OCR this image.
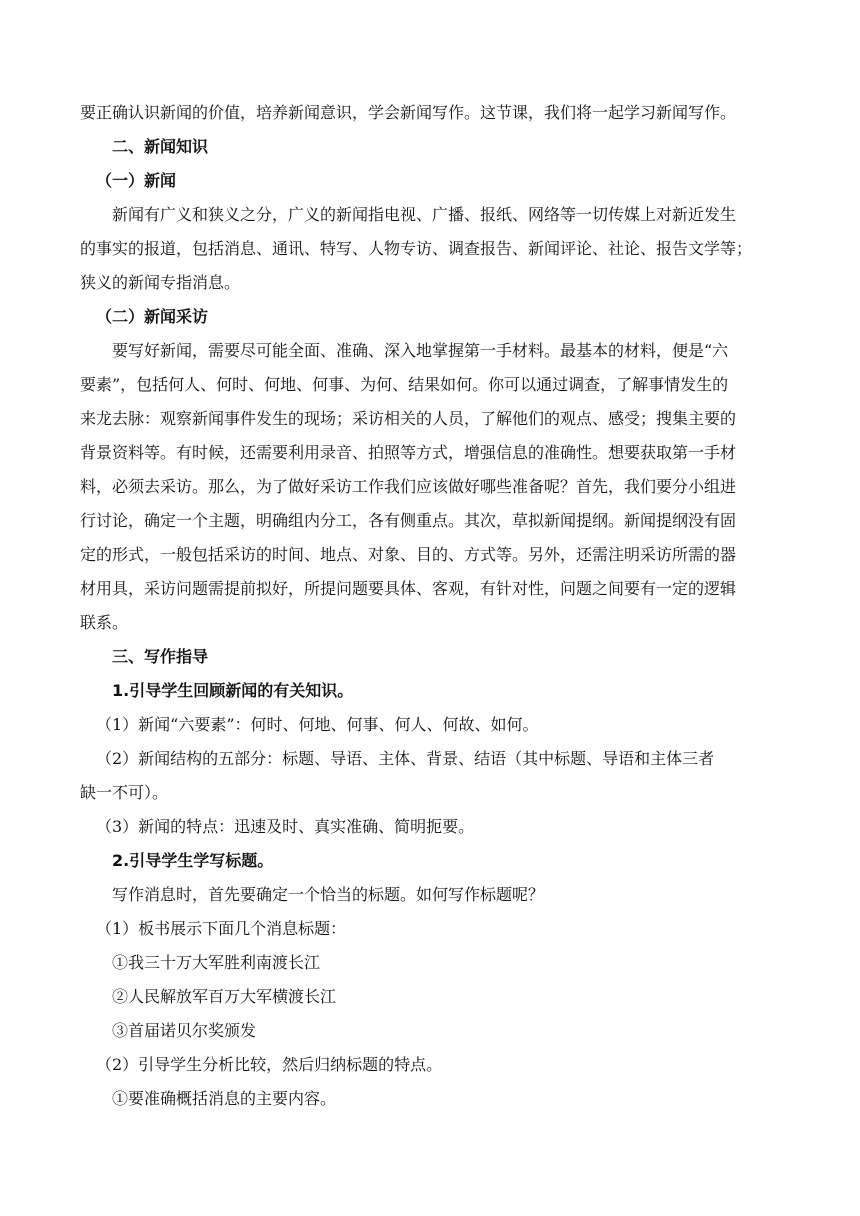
要正确认识新闻的价值，培养新闻意识，学会新闻写作。这节课，我们将一起学习新闻写作。
二、新闻知识
（一）新闻
新闻有广义和狭义之分，广义的新闻指电视、广播、报纸、网络等一切传媒上对新近发生
的事实的报道，包括消息、通讯、特写、人物专访、调查报告、新闻评论、社论、报告文学等；
狭义的新闻专指消息。
（二）新闻采访
要写好新闻，需要尽可能全面、准确、深入地掌握第一手材料。最基本的材料，便是“六
要素”，包括何人、何时、何地、何事、为何、结果如何。你可以通过调查，了解事情发生的
来龙去脉：观察新闻事件发生的现场；采访相关的人员，了解他们的观点、感受；搜集主要的
背景资料等。有时候，还需要利用录音、拍照等方式，增强信息的准确性。想要获取第一手材
料，必须去采访。那么，为了做好采访工作我们应该做好哪些准备呢？首先，我们要分小组进
行讨论，确定一个主题，明确组内分工，各有侧重点。其次，草拟新闻提纲。新闻提纲没有固
定的形式，一般包括采访的时间、地点、对象、目的、方式等。另外，还需注明采访所需的器
材用具，采访问题需提前拟好，所提问题要具体、客观，有针对性，问题之间要有一定的逻辑
联系。
三、写作指导
1.引导学生回顾新闻的有关知识。
（1）新闻“六要素”：何时、何地、何事、何人、何故、如何。
（2）新闻结构的五部分：标题、导语、主体、背景、结语（其中标题、导语和主体三者
缺一不可）。
（3）新闻的特点：迅速及时、真实准确、简明扼要。
2.引导学生学写标题。
写作消息时，首先要确定一个恰当的标题。如何写作标题呢？
（1）板书展示下面几个消息标题：
①我三十万大军胜利南渡长江
②人民解放军百万大军横渡长江
③首届诺贝尔奖颁发
（2）引导学生分析比较，然后归纳标题的特点。
①要准确概括消息的主要内容。
